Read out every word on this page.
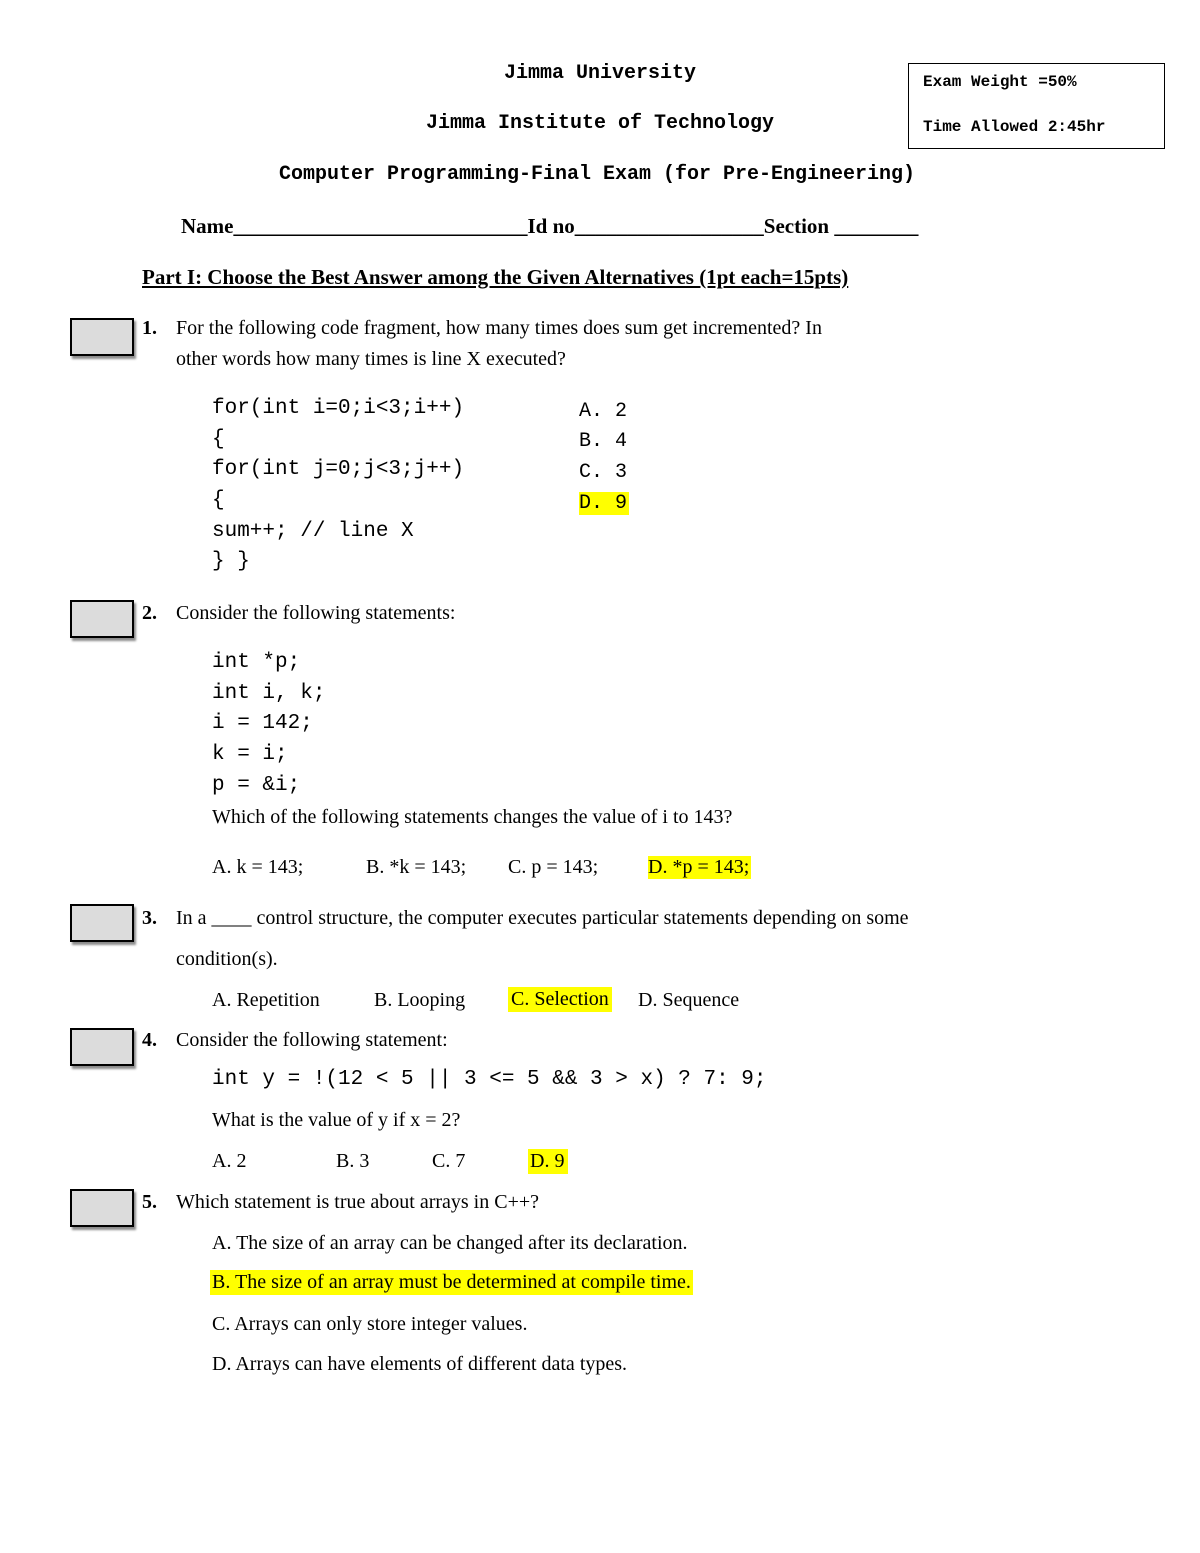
Jimma University
Jimma Institute of Technology
Computer Programming-Final Exam (for Pre-Engineering)
Exam Weight =50%
Time Allowed 2:45hr
Name____________________________Id no__________________Section ________
Part I: Choose the Best Answer among the Given Alternatives (1pt each=15pts)
1. For the following code fragment, how many times does sum get incremented? In
other words how many times is line X executed?
for(int i=0;i<3;i++)
{
for(int j=0;j<3;j++)
{
sum++; // line X
} }
A. 2
B. 4
C. 3
D. 9
2. Consider the following statements:
int *p;
int i, k;
i = 142;
k = i;
p = &i;
Which of the following statements changes the value of i to 143?
A. k = 143;	B. *k = 143; C. p = 143; D. *p = 143;
3. In a ____ control structure, the computer executes particular statements depending on some
condition(s).
A. Repetition	B. Looping C. Selection D. Sequence
4. Consider the following statement:
int y = !(12 < 5 || 3 <= 5 && 3 > x) ? 7: 9;
What is the value of y if x = 2?
A. 2	B. 3	C. 7	D. 9
5. Which statement is true about arrays in C++?
A. The size of an array can be changed after its declaration.
B. The size of an array must be determined at compile time.
C. Arrays can only store integer values.
D. Arrays can have elements of different data types.
